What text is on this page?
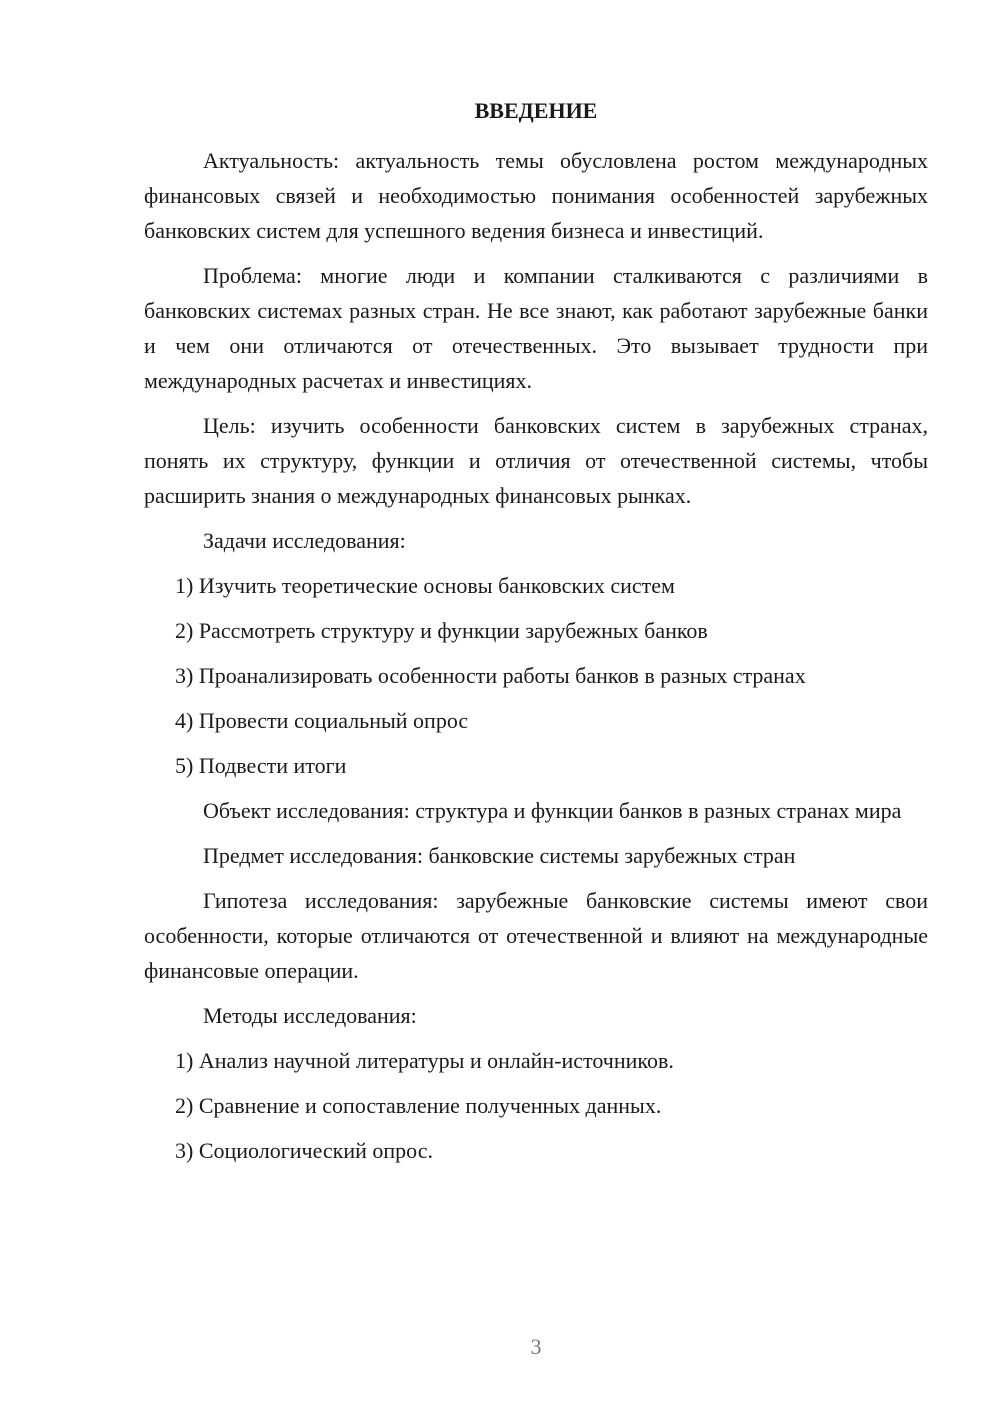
ВВЕДЕНИЕ

Актуальность: актуальность темы обусловлена ростом международных финансовых связей и необходимостью понимания особенностей зарубежных банковских систем для успешного ведения бизнеса и инвестиций.

Проблема: многие люди и компании сталкиваются с различиями в банковских системах разных стран. Не все знают, как работают зарубежные банки и чем они отличаются от отечественных. Это вызывает трудности при международных расчетах и инвестициях.

Цель: изучить особенности банковских систем в зарубежных странах, понять их структуру, функции и отличия от отечественной системы, чтобы расширить знания о международных финансовых рынках.

Задачи исследования:

1) Изучить теоретические основы банковских систем
2) Рассмотреть структуру и функции зарубежных банков
3) Проанализировать особенности работы банков в разных странах
4) Провести социальный опрос
5) Подвести итоги

Объект исследования: структура и функции банков в разных странах мира

Предмет исследования: банковские системы зарубежных стран

Гипотеза исследования: зарубежные банковские системы имеют свои особенности, которые отличаются от отечественной и влияют на международные финансовые операции.

Методы исследования:

1) Анализ научной литературы и онлайн-источников.
2) Сравнение и сопоставление полученных данных.
3) Социологический опрос.
3
